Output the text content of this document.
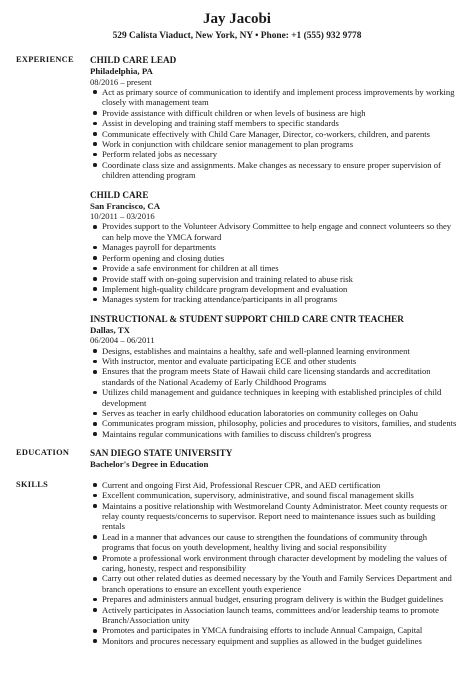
Jay Jacobi
529 Calista Viaduct, New York, NY • Phone: +1 (555) 932 9778
EXPERIENCE CHILD CARE LEAD
Philadelphia, PA
08/2016 – present
Act as primary source of communication to identify and implement process improvements by working closely with management team
Provide assistance with difficult children or when levels of business are high
Assist in developing and training staff members to specific standards
Communicate effectively with Child Care Manager, Director, co-workers, children, and parents
Work in conjunction with childcare senior management to plan programs
Perform related jobs as necessary
Coordinate class size and assignments. Make changes as necessary to ensure proper supervision of children attending program
CHILD CARE
San Francisco, CA
10/2011 – 03/2016
Provides support to the Volunteer Advisory Committee to help engage and connect volunteers so they can help move the YMCA forward
Manages payroll for departments
Perform opening and closing duties
Provide a safe environment for children at all times
Provide staff with on-going supervision and training related to abuse risk
Implement high-quality childcare program development and evaluation
Manages system for tracking attendance/participants in all programs
INSTRUCTIONAL & STUDENT SUPPORT CHILD CARE CNTR TEACHER
Dallas, TX
06/2004 – 06/2011
Designs, establishes and maintains a healthy, safe and well-planned learning environment
With instructor, mentor and evaluate participating ECE and other students
Ensures that the program meets State of Hawaii child care licensing standards and accreditation standards of the National Academy of Early Childhood Programs
Utilizes child management and guidance techniques in keeping with established principles of child development
Serves as teacher in early childhood education laboratories on community colleges on Oahu
Communicates program mission, philosophy, policies and procedures to visitors, families, and students
Maintains regular communications with families to discuss children's progress
EDUCATION SAN DIEGO STATE UNIVERSITY
Bachelor's Degree in Education
SKILLS	Current and ongoing First Aid, Professional Rescuer CPR, and AED certification
Excellent communication, supervisory, administrative, and sound fiscal management skills
Maintains a positive relationship with Westmoreland County Administrator. Meet county requests or relay county requests/concerns to supervisor. Report need to maintenance issues such as building rentals
Lead in a manner that advances our cause to strengthen the foundations of community through programs that focus on youth development, healthy living and social responsibility
Promote a professional work environment through character development by modeling the values of caring, honesty, respect and responsibility
Carry out other related duties as deemed necessary by the Youth and Family Services Department and branch operations to ensure an excellent youth experience
Prepares and administers annual budget, ensuring program delivery is within the Budget guidelines
Actively participates in Association launch teams, committees and/or leadership teams to promote Branch/Association unity
Promotes and participates in YMCA fundraising efforts to include Annual Campaign, Capital
Monitors and procures necessary equipment and supplies as allowed in the budget guidelines
